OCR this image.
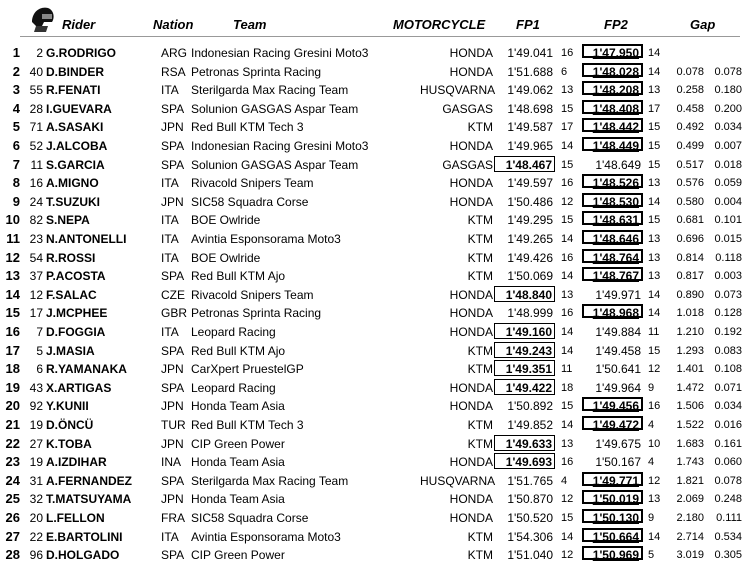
Rider	Nation	Team	MOTORCYCLE FP1	FP2	Gap
1	2 G.RODRIGO	ARG Indonesian Racing Gresini Moto3	HONDA	1'49.041 16	1'47.950 14
2 40 D.BINDER	RSA Petronas Sprinta Racing	HONDA	1'51.688 6	1'48.028 14	0.078 0.078
3 55 R.FENATI	ITA Sterilgarda Max Racing Team	HUSQVARNA	1'49.062 13	1'48.208 13	0.258 0.180
4 28 I.GUEVARA	SPA Solunion GASGAS Aspar Team	GASGAS	1'48.698 15	1'48.408 17	0.458 0.200
5 71 A.SASAKI	JPN Red Bull KTM Tech 3	KTM	1'49.587 17	1'48.442 15	0.492 0.034
6 52 J.ALCOBA	SPA Indonesian Racing Gresini Moto3	HONDA	1'49.965 14	1'48.449 15	0.499 0.007
7 11 S.GARCIA	SPA Solunion GASGAS Aspar Team	GASGAS	1'48.467 15	1'48.649 15	0.517 0.018
8 16 A.MIGNO	ITA Rivacold Snipers Team	HONDA	1'49.597 16	1'48.526 13	0.576 0.059
9 24 T.SUZUKI	JPN SIC58 Squadra Corse	HONDA	1'50.486 12	1'48.530 14	0.580 0.004
10 82 S.NEPA	ITA BOE Owlride	KTM	1'49.295 15	1'48.631 15	0.681 0.101
11 23 N.ANTONELLI	ITA Avintia Esponsorama Moto3	KTM	1'49.265 14	1'48.646 13	0.696 0.015
12 54 R.ROSSI	ITA BOE Owlride	KTM	1'49.426 16	1'48.764 13	0.814	0.118
13 37 P.ACOSTA	SPA Red Bull KTM Ajo	KTM	1'50.069 14	1'48.767 13	0.817 0.003
14 12 F.SALAC	CZE Rivacold Snipers Team	HONDA	1'48.840 13	1'49.971 14	0.890 0.073
15 17 J.MCPHEE	GBR Petronas Sprinta Racing	HONDA	1'48.999 16	1'48.968 14	1.018 0.128
16	7 D.FOGGIA	ITA Leopard Racing	HONDA	1'49.160 14	1'49.884 11	1.210 0.192
17	5 J.MASIA	SPA Red Bull KTM Ajo	KTM	1'49.243 14	1'49.458 15	1.293 0.083
18	6 R.YAMANAKA	JPN CarXpert PruestelGP	KTM	1'49.351 11	1'50.641 12	1.401 0.108
19 43 X.ARTIGAS	SPA Leopard Racing	HONDA	1'49.422 18	1'49.964 9	1.472 0.071
20 92 Y.KUNII	JPN Honda Team Asia	HONDA	1'50.892 15	1'49.456 16	1.506 0.034
21 19 D.ÖNCÜ	TUR Red Bull KTM Tech 3	KTM	1'49.852 14	1'49.472 4	1.522 0.016
22 27 K.TOBA	JPN CIP Green Power	KTM	1'49.633 13	1'49.675 10	1.683 0.161
23 19 A.IZDIHAR	INA Honda Team Asia	HONDA	1'49.693 16	1'50.167 4	1.743 0.060
24 31 A.FERNANDEZ SPA Sterilgarda Max Racing Team	HUSQVARNA	1'51.765 4	1'49.771 12	1.821 0.078
25 32 T.MATSUYAMA JPN Honda Team Asia	HONDA	1'50.870 12	1'50.019 13	2.069 0.248
26 20 L.FELLON	FRA SIC58 Squadra Corse	HONDA	1'50.520 15	1'50.130 9	2.180	0.111
27 22 E.BARTOLINI	ITA Avintia Esponsorama Moto3	KTM	1'54.306 14	1'50.664 14	2.714 0.534
28 96 D.HOLGADO	SPA CIP Green Power	KTM	1'51.040 12	1'50.969 5	3.019 0.305
